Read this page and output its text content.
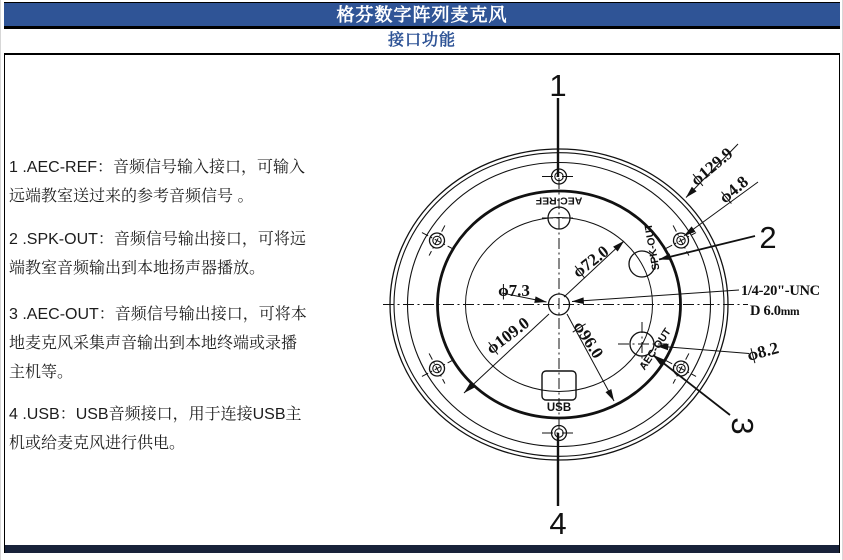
格芬数字阵列麦克风
接口功能

1 .AEC-REF：音频信号输入接口，可输入
远端教室送过来的参考音频信号 。

2 .SPK-OUT：音频信号输出接口，可将远
端教室音频输出到本地扬声器播放。

3 .AEC-OUT：音频信号输出接口，可将本
地麦克风采集声音输出到本地终端或录播
主机等。

4 .USB：USB音频接口，用于连接USB主
机或给麦克风进行供电。

1
2
3
4
ϕ7.3
ϕ72.0
ϕ109.0 ϕ96.0
ϕ129.9
ϕ4.8
ϕ8.2
1/4-20"-UNC
D 6.0mm
AEC-REF
SPK-OUT
AEC-OUT
USB
